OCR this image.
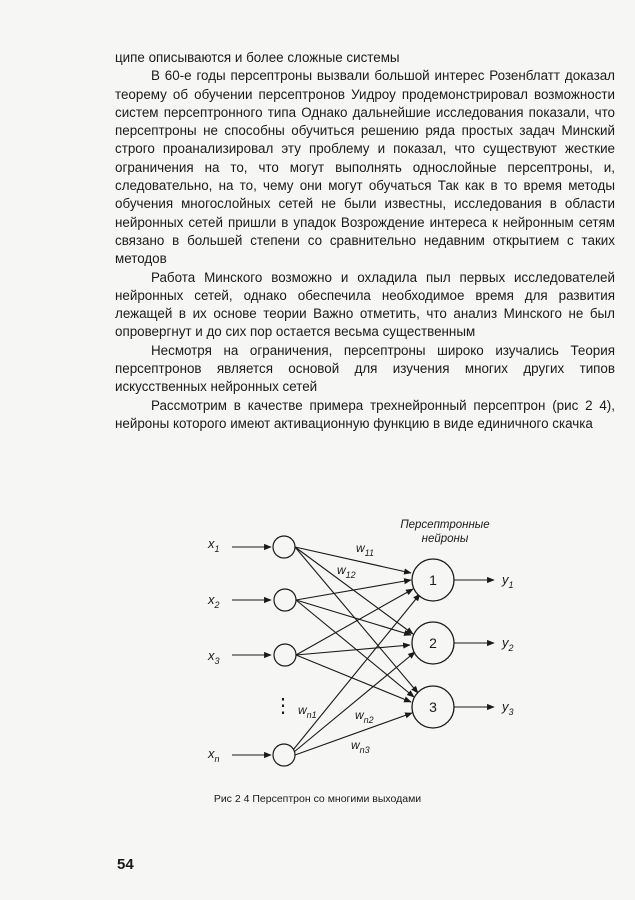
ципе описываются и более сложные системы

В 60-е годы персептроны вызвали большой интерес Розенблатт доказал теорему об обучении персептронов Уидроу продемонстрировал возможности систем персептронного типа Однако дальнейшие исследования показали, что персептроны не способны обучиться решению ряда простых задач Минский строго проанализировал эту проблему и показал, что существуют жесткие ограничения на то, что могут выполнять однослойные персептроны, и, следовательно, на то, чему они могут обучаться Так как в то время методы обучения многослойных сетей не были известны, исследования в области нейронных сетей пришли в упадок Возрождение интереса к нейронным сетям связано в большей степени со сравнительно недавним открытием с таких методов

Работа Минского возможно и охладила пыл первых исследователей нейронных сетей, однако обеспечила необходимое время для развития лежащей в их основе теории Важно отметить, что анализ Минского не был опровергнут и до сих пор остается весьма существенным

Несмотря на ограничения, персептроны широко изучались Теория персептронов является основой для изучения многих других типов искусственных нейронных сетей

Рассмотрим в качестве примера трехнейронный персептрон (рис 2 4), нейроны которого имеют активационную функцию в виде единичного скачка

1
2
3
Персептронные
нейроны
$x_1$
$x_2$
$x_3$
$x_n$
$y_1$
$y_2$
$y_3$
$w_{11}$
$w_{12}$
$w_{n1}$	$w_{n2}$
$w_{n3}$
⋮
Рис 2 4 Персептрон со многими выходами
54
